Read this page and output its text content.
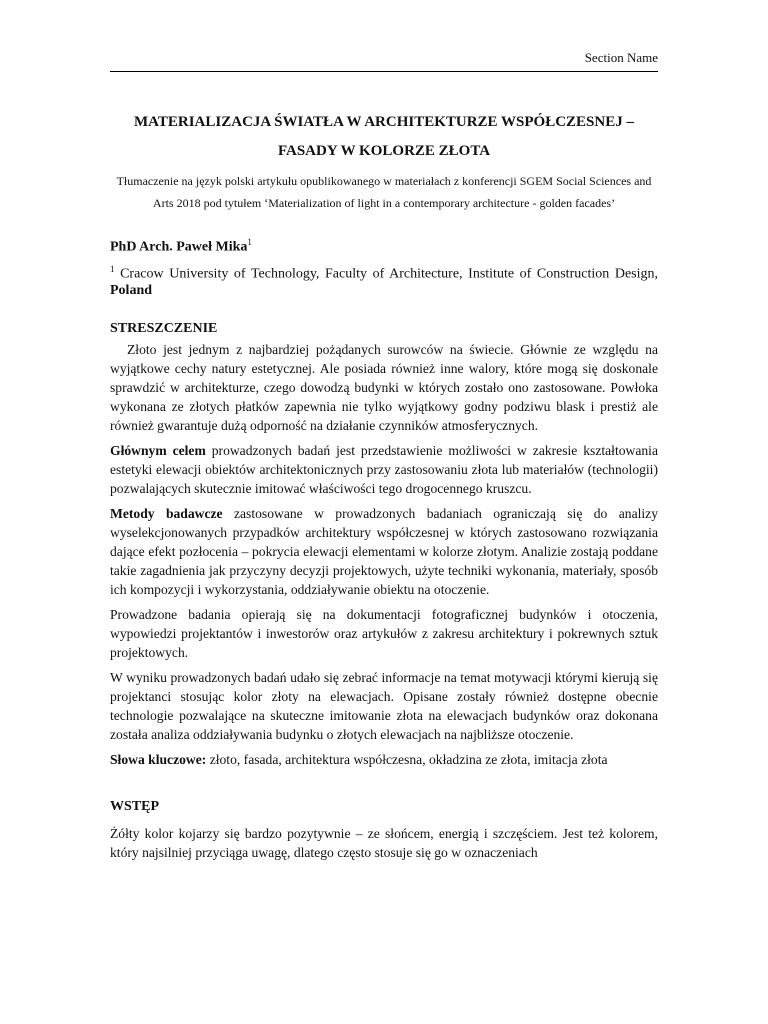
Section Name
MATERIALIZACJA ŚWIATŁA W ARCHITEKTURZE WSPÓŁCZESNEJ –
FASADY W KOLORZE ZŁOTA

Tłumaczenie na język polski artykułu opublikowanego w materiałach z konferencji SGEM Social Sciences and Arts 2018 pod tytułem ‘Materialization of light in a contemporary architecture - golden facades’

PhD Arch. Paweł Mika$^1$

$^1$ Cracow University of Technology, Faculty of Architecture, Institute of Construction Design, Poland

STRESZCZENIE

Złoto jest jednym z najbardziej pożądanych surowców na świecie. Głównie ze względu na wyjątkowe cechy natury estetycznej. Ale posiada również inne walory, które mogą się doskonale sprawdzić w architekturze, czego dowodzą budynki w których zostało ono zastosowane. Powłoka wykonana ze złotych płatków zapewnia nie tylko wyjątkowy godny podziwu blask i prestiż ale również gwarantuje dużą odporność na działanie czynników atmosferycznych.

Głównym celem prowadzonych badań jest przedstawienie możliwości w zakresie kształtowania estetyki elewacji obiektów architektonicznych przy zastosowaniu złota lub materiałów (technologii) pozwalających skutecznie imitować właściwości tego drogocennego kruszcu.

Metody badawcze zastosowane w prowadzonych badaniach ograniczają się do analizy wyselekcjonowanych przypadków architektury współczesnej w których zastosowano rozwiązania dające efekt pozłocenia – pokrycia elewacji elementami w kolorze złotym. Analizie zostają poddane takie zagadnienia jak przyczyny decyzji projektowych, użyte techniki wykonania, materiały, sposób ich kompozycji i wykorzystania, oddziaływanie obiektu na otoczenie.

Prowadzone badania opierają się na dokumentacji fotograficznej budynków i otoczenia, wypowiedzi projektantów i inwestorów oraz artykułów z zakresu architektury i pokrewnych sztuk projektowych.

W wyniku prowadzonych badań udało się zebrać informacje na temat motywacji którymi kierują się projektanci stosując kolor złoty na elewacjach. Opisane zostały również dostępne obecnie technologie pozwalające na skuteczne imitowanie złota na elewacjach budynków oraz dokonana została analiza oddziaływania budynku o złotych elewacjach na najbliższe otoczenie.

Słowa kluczowe: złoto, fasada, architektura współczesna, okładzina ze złota, imitacja złota

WSTĘP

Żółty kolor kojarzy się bardzo pozytywnie – ze słońcem, energią i szczęściem. Jest też kolorem, który najsilniej przyciąga uwagę, dlatego często stosuje się go w oznaczeniach
